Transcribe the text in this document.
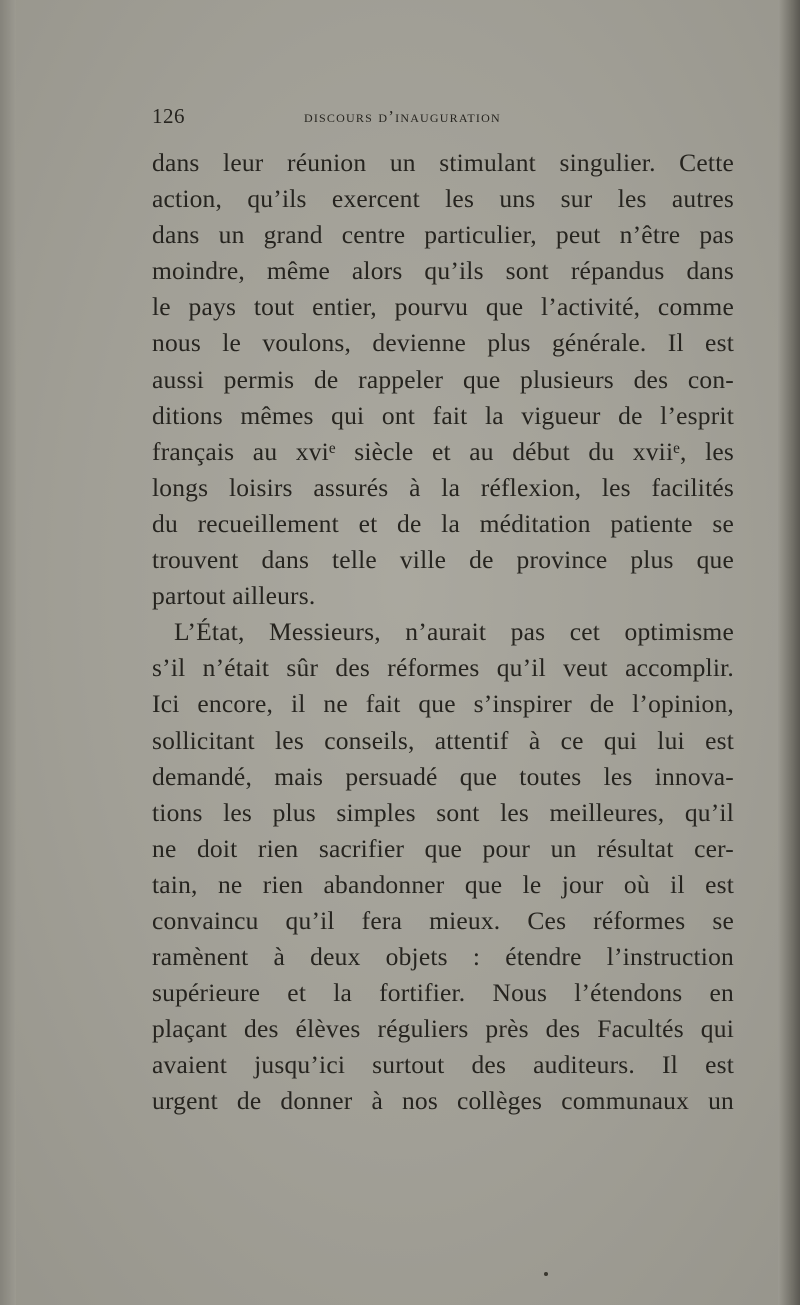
126	discours d’inauguration
dans leur réunion un stimulant singulier. Cette
action, qu’ils exercent les uns sur les autres
dans un grand centre particulier, peut n’être pas
moindre, même alors qu’ils sont répandus dans
le pays tout entier, pourvu que l’activité, comme
nous le voulons, devienne plus générale. Il est
aussi permis de rappeler que plusieurs des con-
ditions mêmes qui ont fait la vigueur de l’esprit
français au xviᵉ siècle et au début du xviiᵉ, les
longs loisirs assurés à la réflexion, les facilités
du recueillement et de la méditation patiente se
trouvent dans telle ville de province plus que
partout ailleurs.
L’État, Messieurs, n’aurait pas cet optimisme
s’il n’était sûr des réformes qu’il veut accomplir.
Ici encore, il ne fait que s’inspirer de l’opinion,
sollicitant les conseils, attentif à ce qui lui est
demandé, mais persuadé que toutes les innova-
tions les plus simples sont les meilleures, qu’il
ne doit rien sacrifier que pour un résultat cer-
tain, ne rien abandonner que le jour où il est
convaincu qu’il fera mieux. Ces réformes se
ramènent à deux objets : étendre l’instruction
supérieure et la fortifier. Nous l’étendons en
plaçant des élèves réguliers près des Facultés qui
avaient jusqu’ici surtout des auditeurs. Il est
urgent de donner à nos collèges communaux un
